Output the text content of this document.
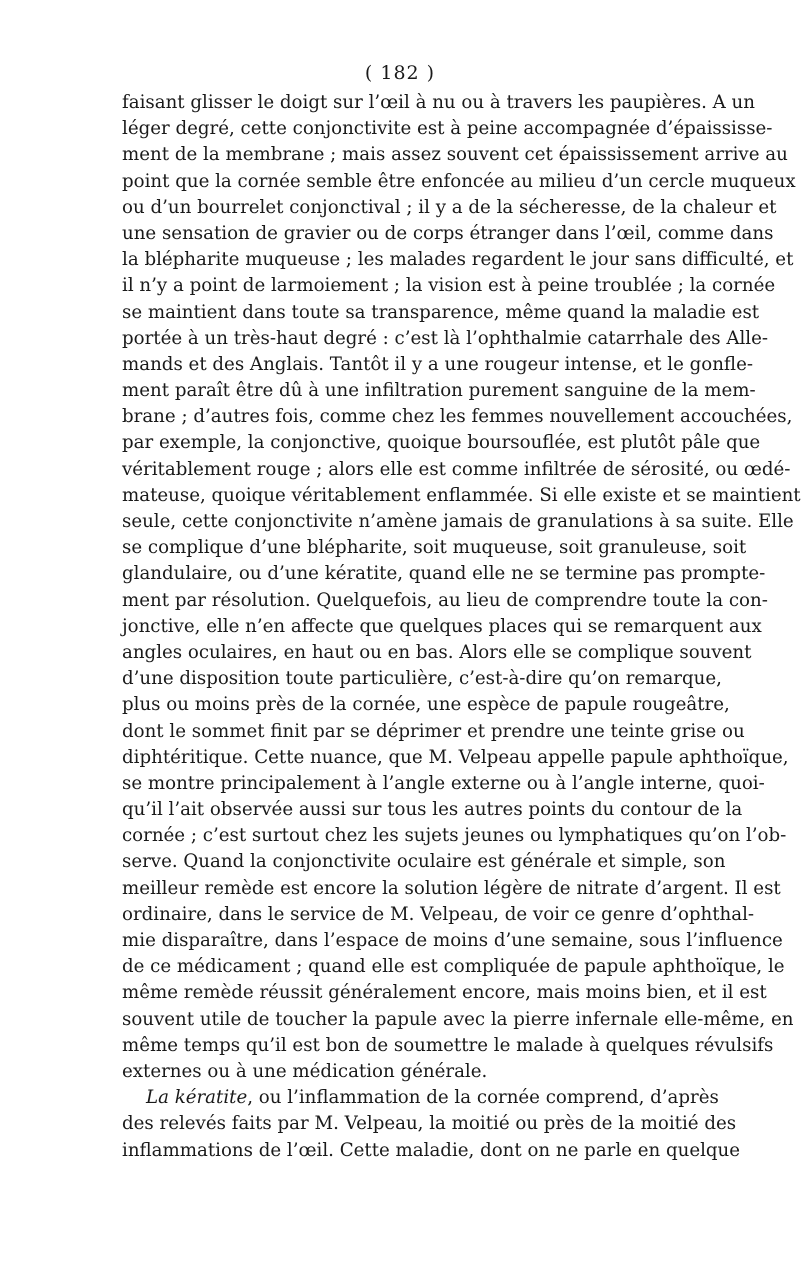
( 182 )
faisant glisser le doigt sur l’œil à nu ou à travers les paupières. A un
léger degré, cette conjonctivite est à peine accompagnée d’épaississe-
ment de la membrane ; mais assez souvent cet épaississement arrive au
point que la cornée semble être enfoncée au milieu d’un cercle muqueux
ou d’un bourrelet conjonctival ; il y a de la sécheresse, de la chaleur et
une sensation de gravier ou de corps étranger dans l’œil, comme dans
la blépharite muqueuse ; les malades regardent le jour sans difficulté, et
il n’y a point de larmoiement ; la vision est à peine troublée ; la cornée
se maintient dans toute sa transparence, même quand la maladie est
portée à un très-haut degré : c’est là l’ophthalmie catarrhale des Alle-
mands et des Anglais. Tantôt il y a une rougeur intense, et le gonfle-
ment paraît être dû à une infiltration purement sanguine de la mem-
brane ; d’autres fois, comme chez les femmes nouvellement accouchées,
par exemple, la conjonctive, quoique boursouflée, est plutôt pâle que
véritablement rouge ; alors elle est comme infiltrée de sérosité, ou œdé-
mateuse, quoique véritablement enflammée. Si elle existe et se maintient
seule, cette conjonctivite n’amène jamais de granulations à sa suite. Elle
se complique d’une blépharite, soit muqueuse, soit granuleuse, soit
glandulaire, ou d’une kératite, quand elle ne se termine pas prompte-
ment par résolution. Quelquefois, au lieu de comprendre toute la con-
jonctive, elle n’en affecte que quelques places qui se remarquent aux
angles oculaires, en haut ou en bas. Alors elle se complique souvent
d’une disposition toute particulière, c’est-à-dire qu’on remarque,
plus ou moins près de la cornée, une espèce de papule rougeâtre,
dont le sommet finit par se déprimer et prendre une teinte grise ou
diphtéritique. Cette nuance, que M. Velpeau appelle papule aphthoïque,
se montre principalement à l’angle externe ou à l’angle interne, quoi-
qu’il l’ait observée aussi sur tous les autres points du contour de la
cornée ; c’est surtout chez les sujets jeunes ou lymphatiques qu’on l’ob-
serve. Quand la conjonctivite oculaire est générale et simple, son
meilleur remède est encore la solution légère de nitrate d’argent. Il est
ordinaire, dans le service de M. Velpeau, de voir ce genre d’ophthal-
mie disparaître, dans l’espace de moins d’une semaine, sous l’influence
de ce médicament ; quand elle est compliquée de papule aphthoïque, le
même remède réussit généralement encore, mais moins bien, et il est
souvent utile de toucher la papule avec la pierre infernale elle-même, en
même temps qu’il est bon de soumettre le malade à quelques révulsifs
externes ou à une médication générale.
La kératite, ou l’inflammation de la cornée comprend, d’après
des relevés faits par M. Velpeau, la moitié ou près de la moitié des
inflammations de l’œil. Cette maladie, dont on ne parle en quelque
